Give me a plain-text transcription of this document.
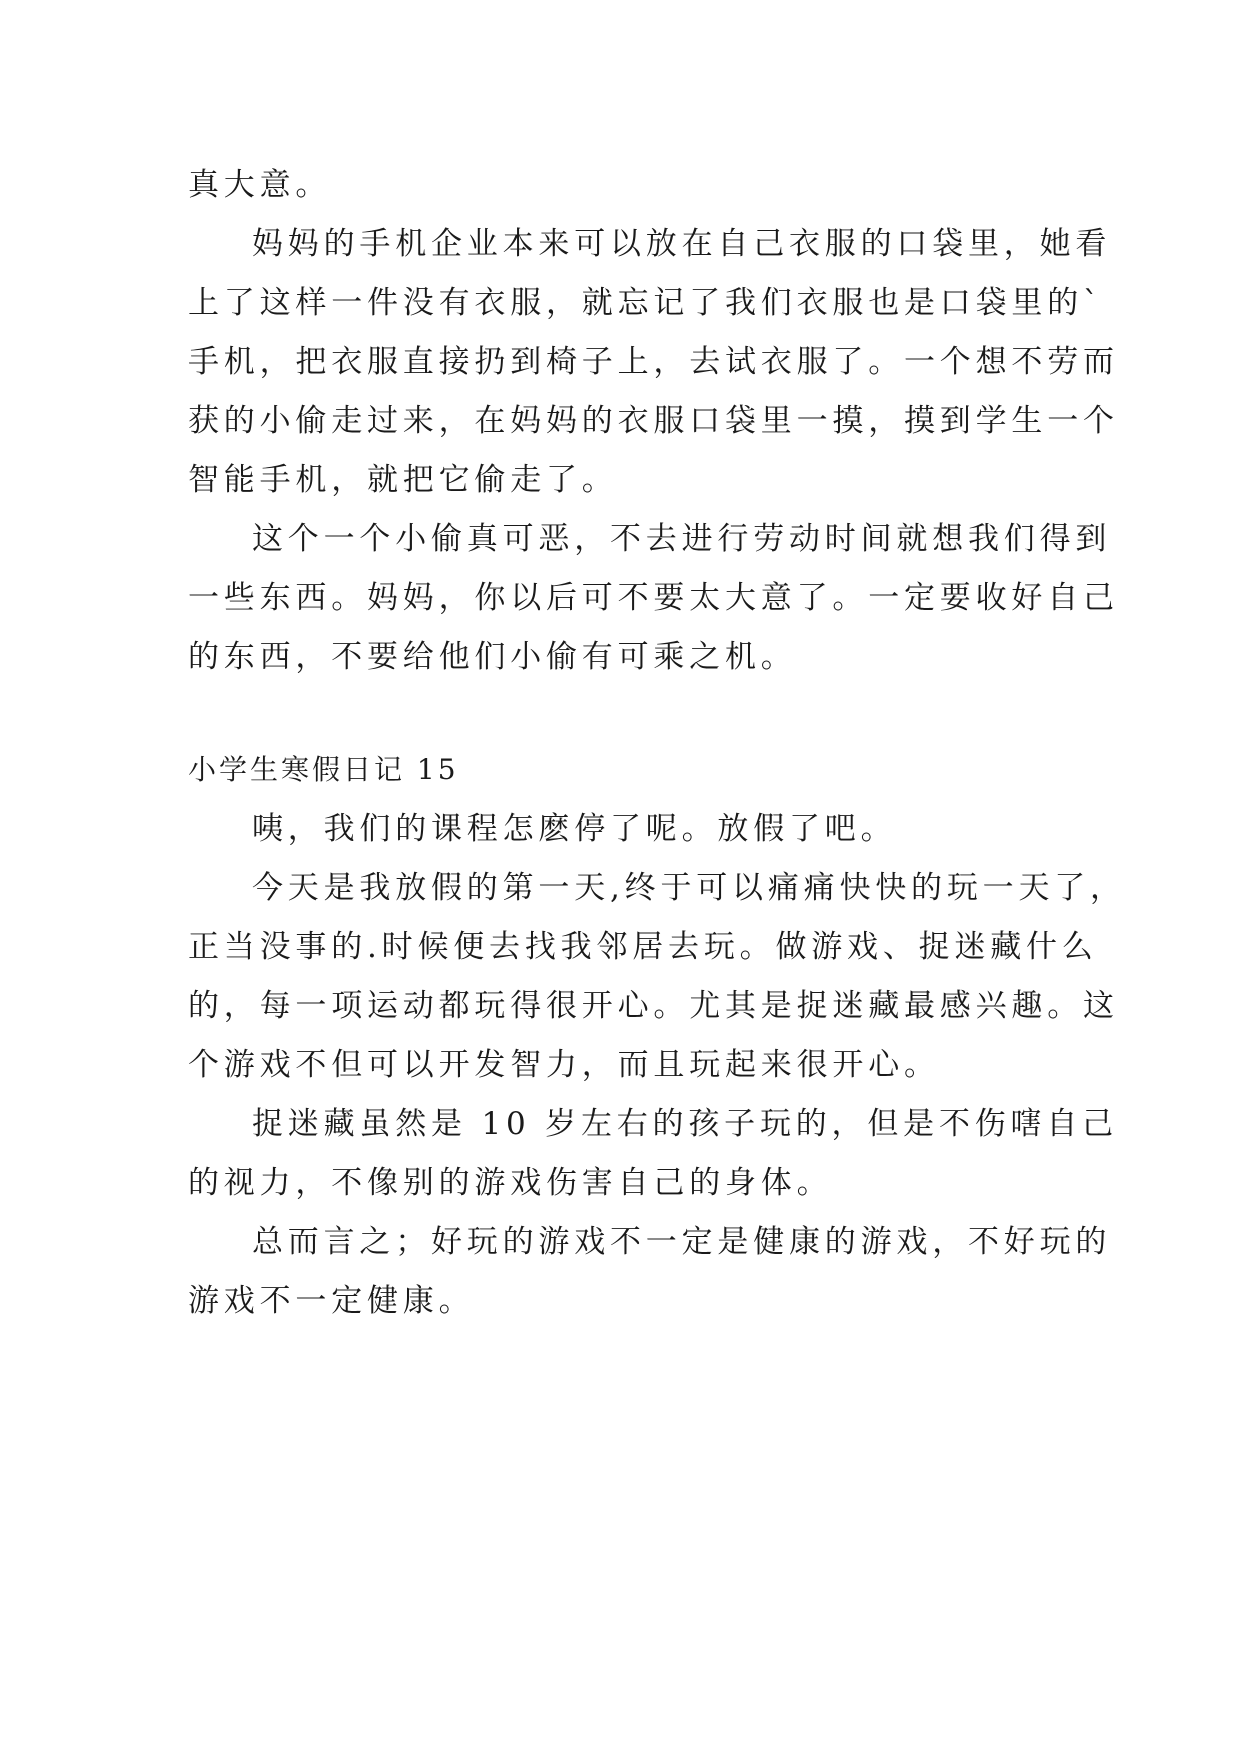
真大意。
妈妈的手机企业本来可以放在自己衣服的口袋里，她看
上了这样一件没有衣服，就忘记了我们衣服也是口袋里的`
手机，把衣服直接扔到椅子上，去试衣服了。一个想不劳而
获的小偷走过来，在妈妈的衣服口袋里一摸，摸到学生一个
智能手机，就把它偷走了。
这个一个小偷真可恶，不去进行劳动时间就想我们得到
一些东西。妈妈，你以后可不要太大意了。一定要收好自己
的东西，不要给他们小偷有可乘之机。
小学生寒假日记 15
咦，我们的课程怎麽停了呢。放假了吧。
今天是我放假的第一天,终于可以痛痛快快的玩一天了，
正当没事的.时候便去找我邻居去玩。做游戏、捉迷藏什么
的，每一项运动都玩得很开心。尤其是捉迷藏最感兴趣。这
个游戏不但可以开发智力，而且玩起来很开心。
捉迷藏虽然是 10 岁左右的孩子玩的，但是不伤嗐自己
的视力，不像别的游戏伤害自己的身体。
总而言之；好玩的游戏不一定是健康的游戏，不好玩的
游戏不一定健康。
